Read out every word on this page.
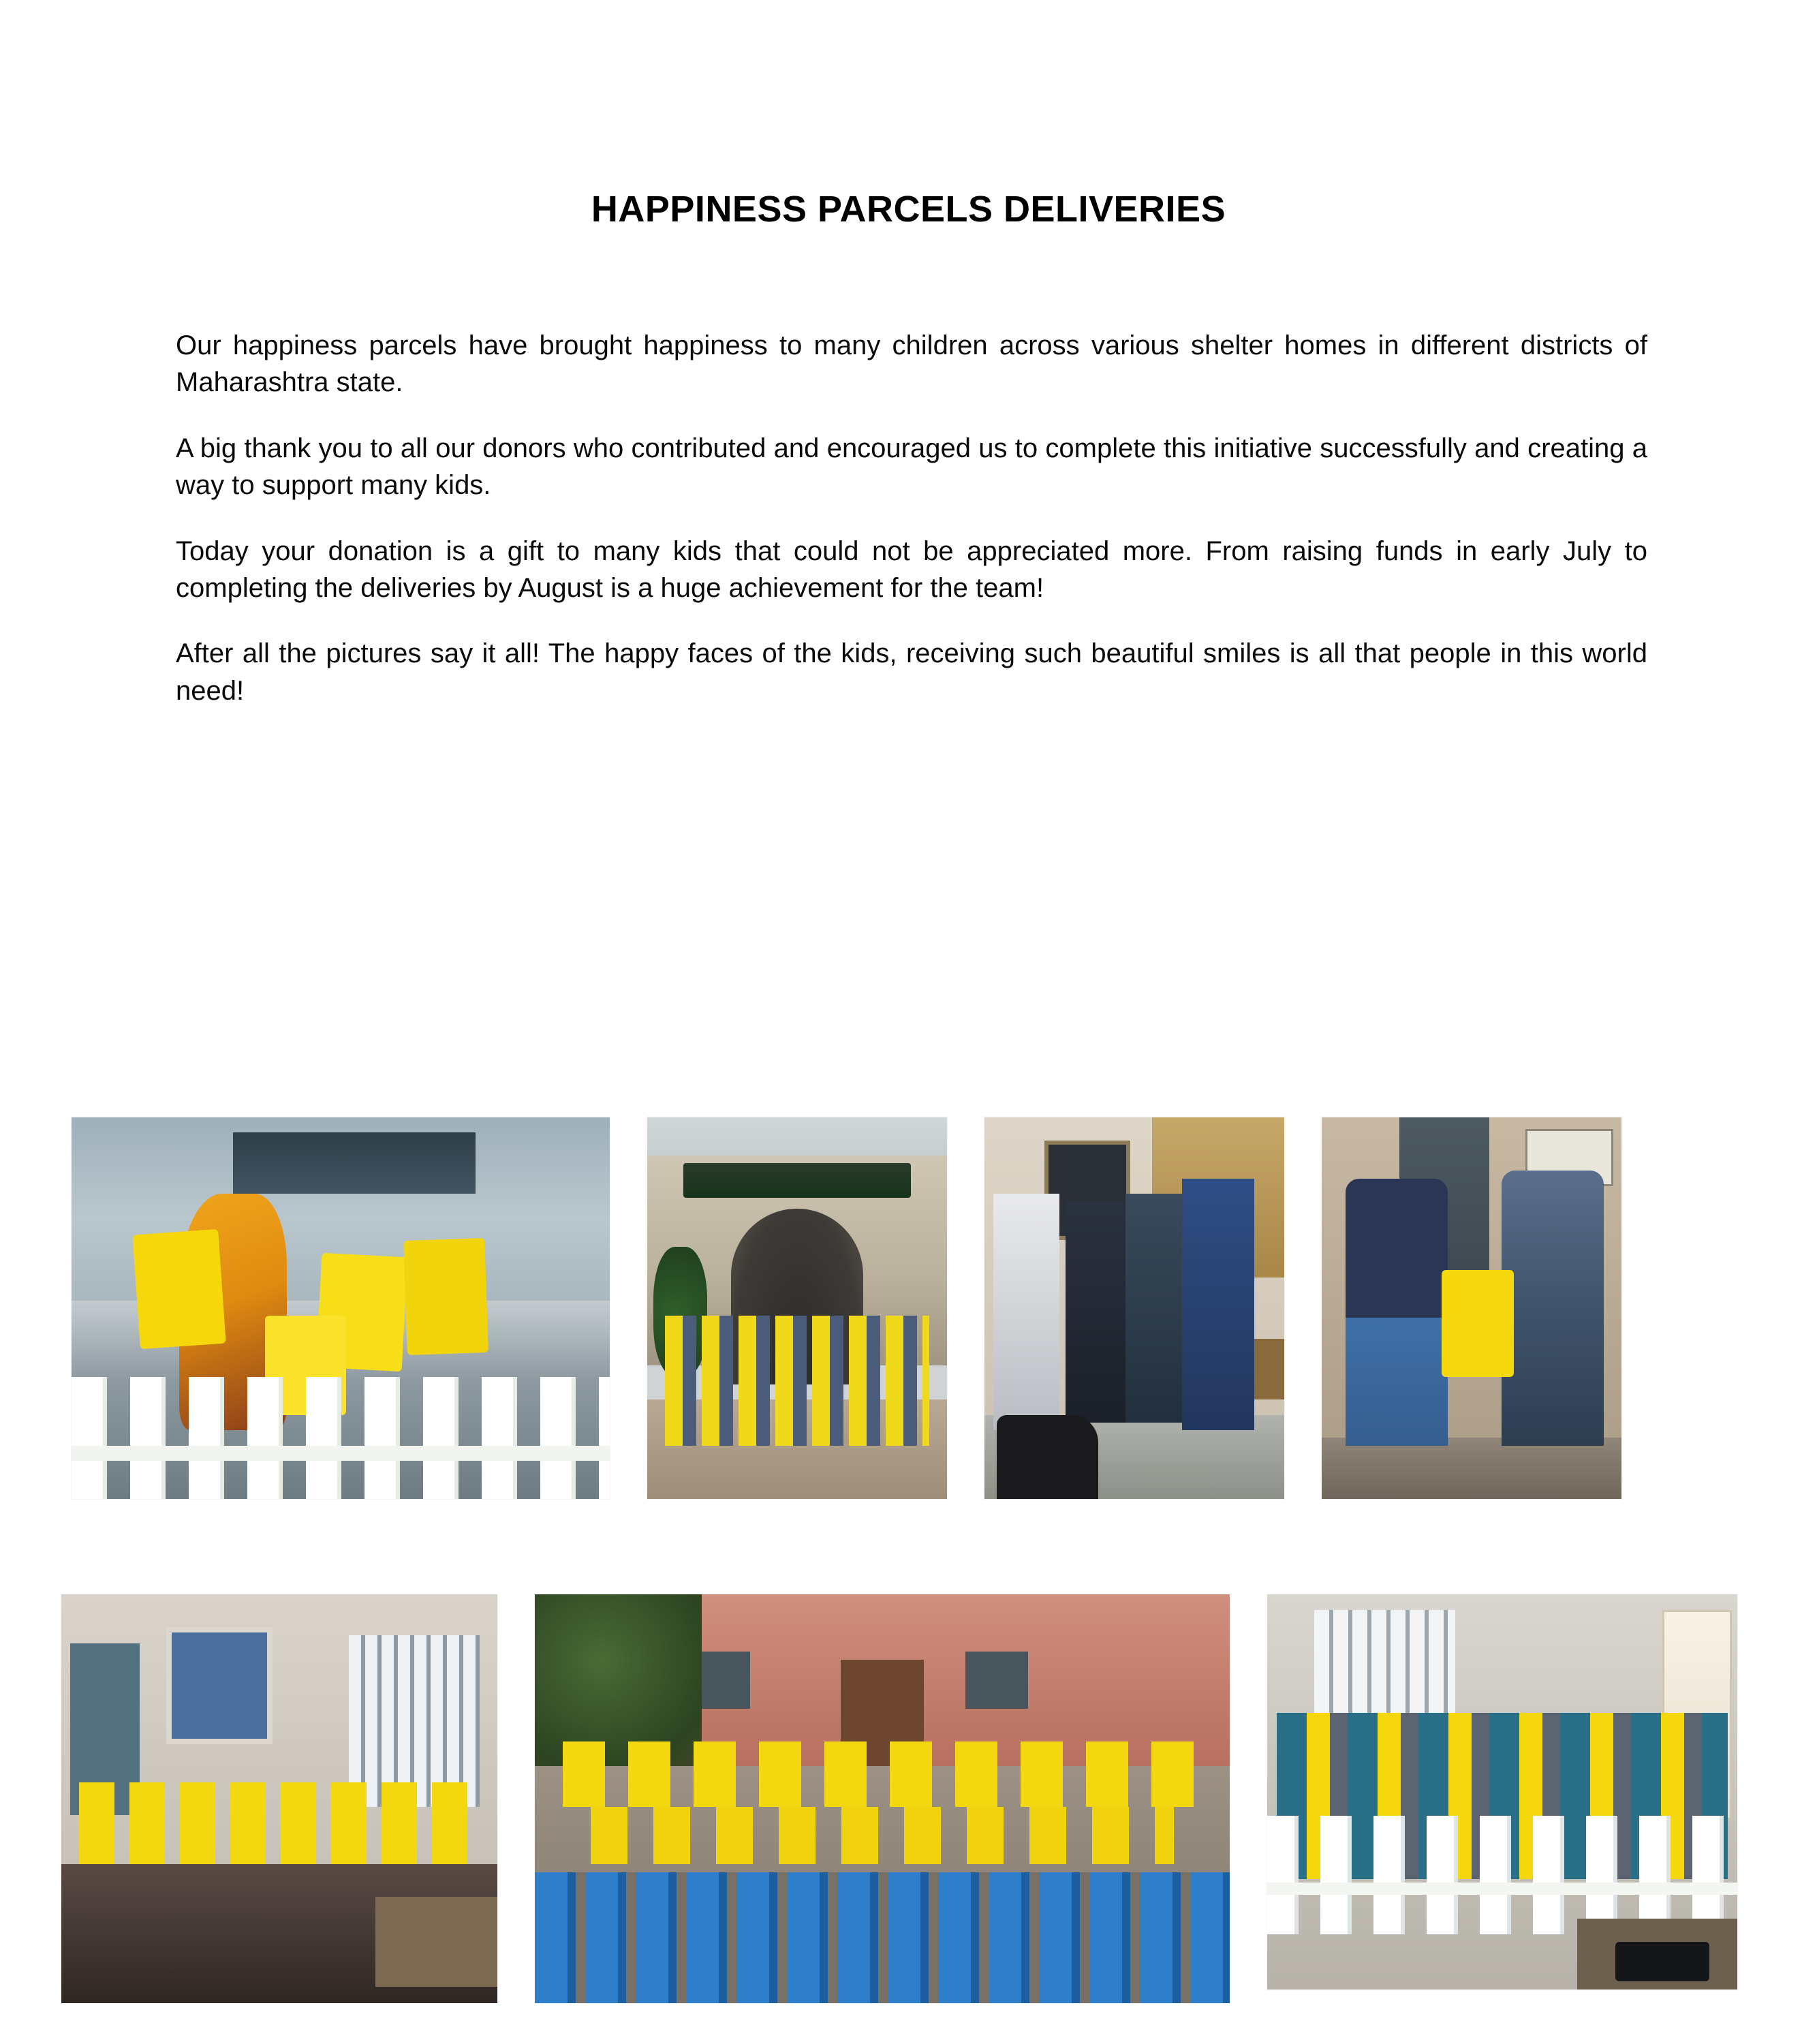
HAPPINESS PARCELS DELIVERIES

Our happiness parcels have brought happiness to many children across various shelter homes in different districts of Maharashtra state.

A big thank you to all our donors who contributed and encouraged us to complete this initiative successfully and creating a way to support many kids.

Today your donation is a gift to many kids that could not be appreciated more. From raising funds in early July to completing the deliveries by August is a huge achievement for the team!

After all the pictures say it all! The happy faces of the kids, receiving such beautiful smiles is all that people in this world need!
